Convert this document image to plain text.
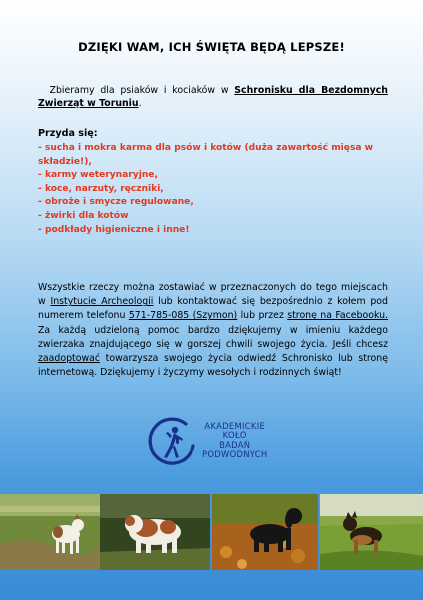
DZIĘKI WAM, ICH ŚWIĘTA BĘDĄ LEPSZE!
Zbieramy dla psiaków i kociaków w Schronisku dla Bezdomnych Zwierząt w Toruniu.
Przyda się:
- sucha i mokra karma dla psów i kotów (duża zawartość mięsa w składzie!),
- karmy weterynaryjne,
- koce, narzuty, ręczniki,
- obroże i smycze regulowane,
- żwirki dla kotów
- podkłady higieniczne i inne!
Wszystkie rzeczy można zostawiać w przeznaczonych do tego miejscach w Instytucie Archeologii lub kontaktować się bezpośrednio z kołem pod numerem telefonu 571-785-085 (Szymon) lub przez stronę na Facebooku. Za każdą udzieloną pomoc bardzo dziękujemy w imieniu każdego zwierzaka znajdującego się w gorszej chwili swojego życia. Jeśli chcesz zaadoptować towarzysza swojego życia odwiedź Schronisko lub stronę internetową. Dziękujemy i życzymy wesołych i rodzinnych świąt!
AKADEMICKIE
KOŁO
BADAŃ
PODWODNYCH
